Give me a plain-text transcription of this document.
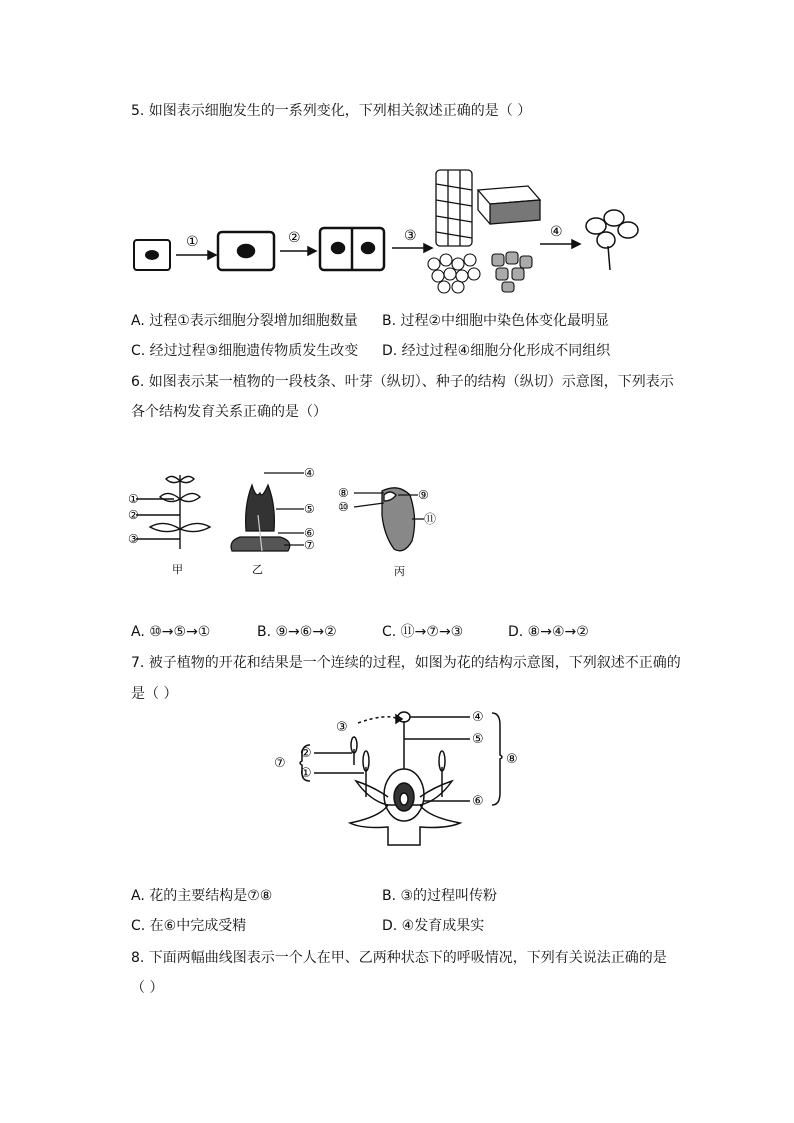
5. 如图表示细胞发生的一系列变化，下列相关叙述正确的是（ ）
①	②	③	④
A. 过程①表示细胞分裂增加细胞数量 B. 过程②中细胞中染色体变化最明显
C. 经过过程③细胞遗传物质发生改变 D. 经过过程④细胞分化形成不同组织
6. 如图表示某一植物的一段枝条、叶芽（纵切）、种子的结构（纵切）示意图，下列表示
各个结构发育关系正确的是（）
①
②
③
甲
④
⑤
⑥
⑦
乙
⑧
⑩
⑨
⑪
丙
A. ⑩→⑤→①	B. ⑨→⑥→②	C. ⑪→⑦→③	D. ⑧→④→②
7. 被子植物的开花和结果是一个连续的过程，如图为花的结构示意图，下列叙述不正确的
是（ ）
③
④
⑤
⑥
⑧
②
①
⑦
A. 花的主要结构是⑦⑧	B. ③的过程叫传粉
C. 在⑥中完成受精	D. ④发育成果实
8. 下面两幅曲线图表示一个人在甲、乙两种状态下的呼吸情况，下列有关说法正确的是
（ ）
